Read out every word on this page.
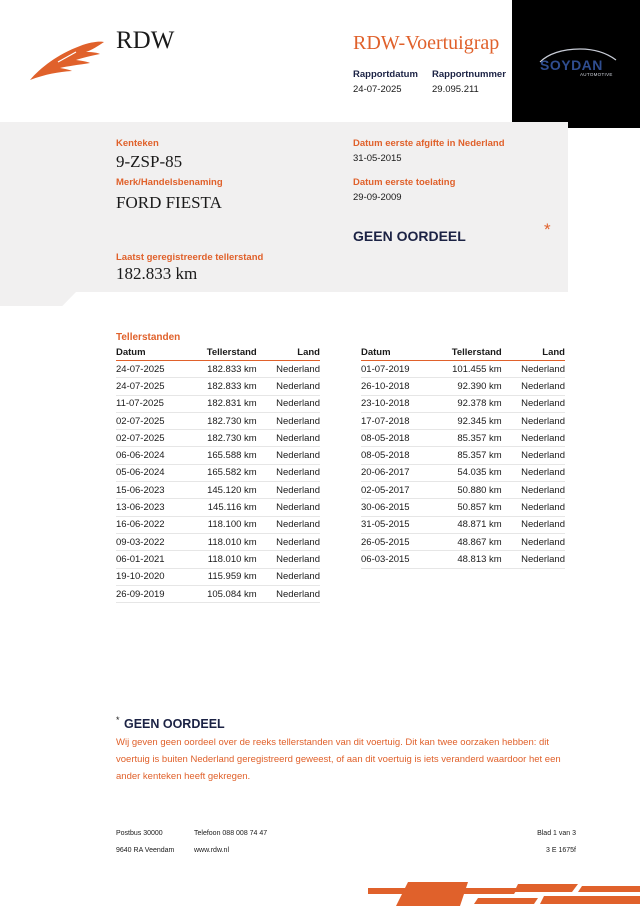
RDW	RDW-Voertuigrap
Rapportdatum
24-07-2025
Rapportnummer
29.095.211
SOYDAN
AUTOMOTIVE
Kenteken
9-ZSP-85
Merk/Handelsbenaming
FORD FIESTA
Laatst geregistreerde tellerstand
182.833 km
Datum eerste afgifte in Nederland
31-05-2015
Datum eerste toelating
29-09-2009
GEEN OORDEEL	*
Tellerstanden
Datum	Tellerstand	Land
24-07-2025	182.833 km	Nederland
24-07-2025	182.833 km	Nederland
11-07-2025	182.831 km	Nederland
02-07-2025	182.730 km	Nederland
02-07-2025	182.730 km	Nederland
06-06-2024	165.588 km	Nederland
05-06-2024	165.582 km	Nederland
15-06-2023	145.120 km	Nederland
13-06-2023	145.116 km	Nederland
16-06-2022	118.100 km	Nederland
09-03-2022	118.010 km	Nederland
06-01-2021	118.010 km	Nederland
19-10-2020	115.959 km	Nederland
26-09-2019	105.084 km	Nederland
Datum	Tellerstand	Land
01-07-2019	101.455 km	Nederland
26-10-2018	92.390 km	Nederland
23-10-2018	92.378 km	Nederland
17-07-2018	92.345 km	Nederland
08-05-2018	85.357 km	Nederland
08-05-2018	85.357 km	Nederland
20-06-2017	54.035 km	Nederland
02-05-2017	50.880 km	Nederland
30-06-2015	50.857 km	Nederland
31-05-2015	48.871 km	Nederland
26-05-2015	48.867 km	Nederland
06-03-2015	48.813 km	Nederland
* GEEN OORDEEL
Wij geven geen oordeel over de reeks tellerstanden van dit voertuig. Dit kan twee oorzaken hebben: dit voertuig is buiten Nederland geregistreerd geweest, of aan dit voertuig is iets veranderd waardoor het een ander kenteken heeft gekregen.
Postbus 30000
9640 RA Veendam
Telefoon 088 008 74 47
www.rdw.nl
Blad 1 van 3
3 E 1675f
